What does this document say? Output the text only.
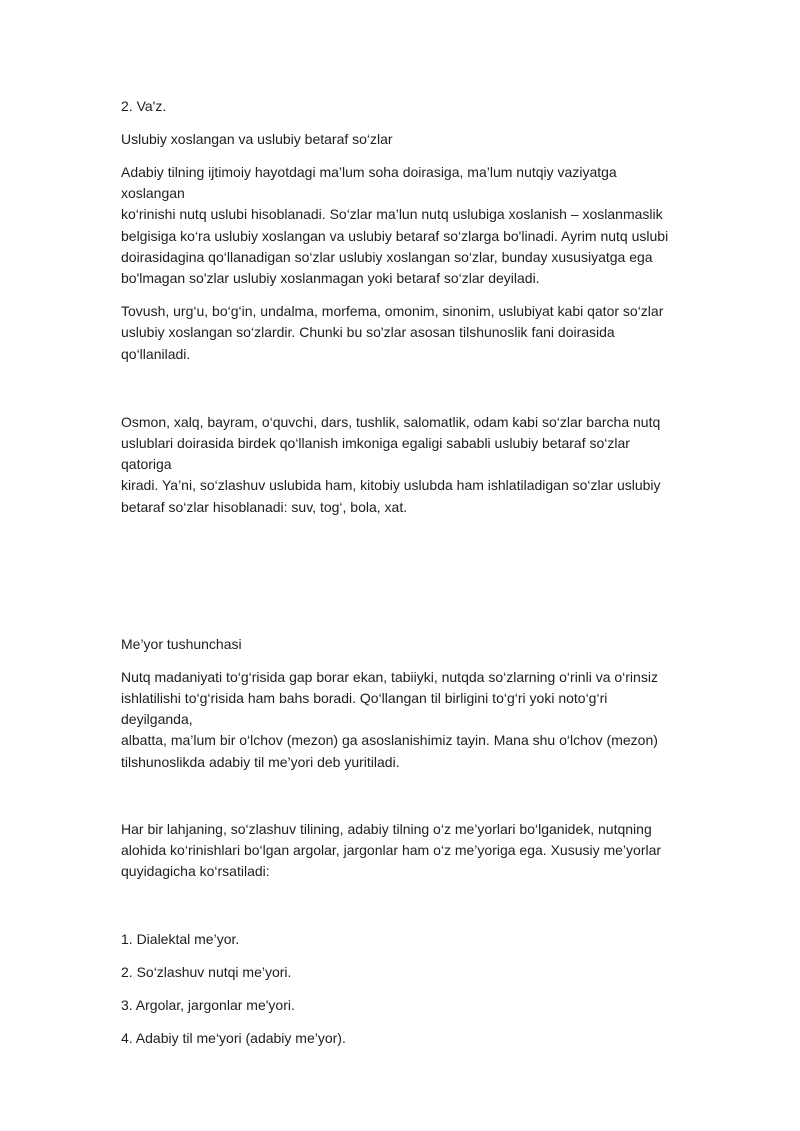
2. Va'z.

Uslubiy xoslangan va uslubiy betaraf so‘zlar

Adabiy tilning ijtimoiy hayotdagi ma’lum soha doirasiga, ma’lum nutqiy vaziyatga xoslangan
ko‘rinishi nutq uslubi hisoblanadi. So‘zlar ma’lun nutq uslubiga xoslanish – xoslanmaslik
belgisiga ko‘ra uslubiy xoslangan va uslubiy betaraf so‘zlarga bo'linadi. Ayrim nutq uslubi
doirasidagina qo‘llanadigan so‘zlar uslubiy xoslangan so‘zlar, bunday xususiyatga ega
bo'lmagan so'zlar uslubiy xoslanmagan yoki betaraf so‘zlar deyiladi.

Tovush, urg‘u, bo‘g‘in, undalma, morfema, omonim, sinonim, uslubiyat kabi qator so‘zlar
uslubiy xoslangan so‘zlardir. Chunki bu so'zlar asosan tilshunoslik fani doirasida qo‘llaniladi.

Osmon, xalq, bayram, o‘quvchi, dars, tushlik, salomatlik, odam kabi so‘zlar barcha nutq
uslublari doirasida birdek qo‘llanish imkoniga egaligi sababli uslubiy betaraf so‘zlar qatoriga
kiradi. Ya’ni, so‘zlashuv uslubida ham, kitobiy uslubda ham ishlatiladigan so‘zlar uslubiy
betaraf so‘zlar hisoblanadi: suv, tog‘, bola, xat.

Me’yor tushunchasi

Nutq madaniyati to‘g‘risida gap borar ekan, tabiiyki, nutqda so‘zlarning o‘rinli va o‘rinsiz
ishlatilishi to‘g‘risida ham bahs boradi. Qo‘llangan til birligini to‘g‘ri yoki noto‘g‘ri deyilganda,
albatta, ma’lum bir o‘lchov (mezon) ga asoslanishimiz tayin. Mana shu o‘lchov (mezon)
tilshunoslikda adabiy til me’yori deb yuritiladi.

Har bir lahjaning, so‘zlashuv tilining, adabiy tilning o‘z me’yorlari bo‘lganidek, nutqning
alohida ko‘rinishlari bo‘lgan argolar, jargonlar ham o‘z me’yoriga ega. Xususiy me’yorlar
quyidagicha ko‘rsatiladi:

1. Dialektal me’yor.

2. So‘zlashuv nutqi me’yori.

3. Argolar, jargonlar me'yori.

4. Adabiy til me‘yori (adabiy me’yor).
